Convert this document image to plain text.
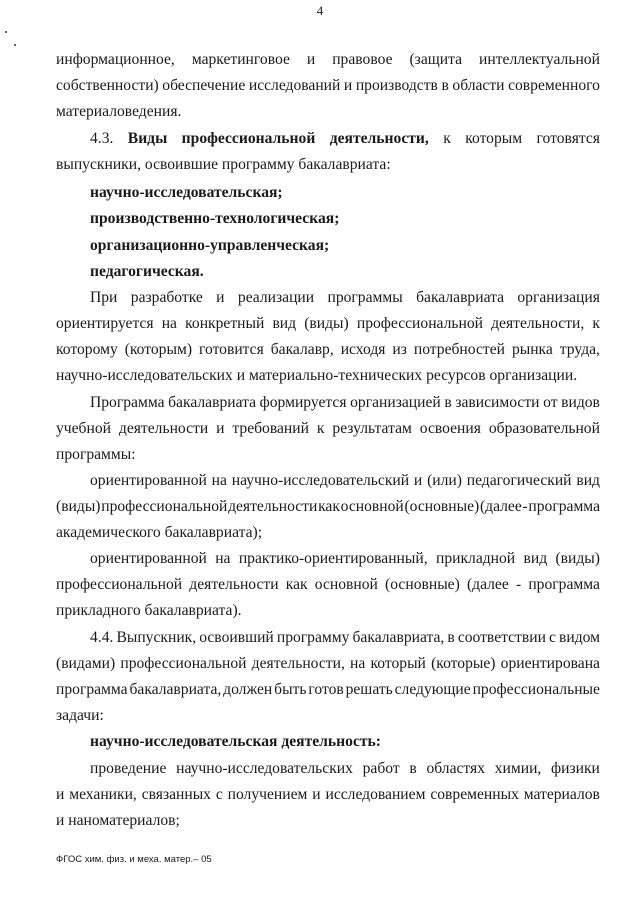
4
информационное, маркетинговое и правовое (защита интеллектуальной
собственности) обеспечение исследований и производств в области современного
материаловедения.
4.3. Виды профессиональной деятельности, к которым готовятся
выпускники, освоившие программу бакалавриата:
научно-исследовательская;
производственно-технологическая;
организационно-управленческая;
педагогическая.
При разработке и реализации программы бакалавриата организация
ориентируется на конкретный вид (виды) профессиональной деятельности, к
которому (которым) готовится бакалавр, исходя из потребностей рынка труда,
научно-исследовательских и материально-технических ресурсов организации.
Программа бакалавриата формируется организацией в зависимости от видов
учебной деятельности и требований к результатам освоения образовательной
программы:
ориентированной на научно-исследовательский и (или) педагогический вид
(виды) профессиональной деятельности как основной (основные) (далее - программа
академического бакалавриата);
ориентированной на практико-ориентированный, прикладной вид (виды)
профессиональной деятельности как основной (основные) (далее - программа
прикладного бакалавриата).
4.4. Выпускник, освоивший программу бакалавриата, в соответствии с видом
(видами) профессиональной деятельности, на который (которые) ориентирована
программа бакалавриата, должен быть готов решать следующие профессиональные
задачи:
научно-исследовательская деятельность:
проведение научно-исследовательских работ в областях химии, физики
и механики, связанных с получением и исследованием современных материалов
и наноматериалов;
ФГОС хим. физ. и меха. матер.– 05
